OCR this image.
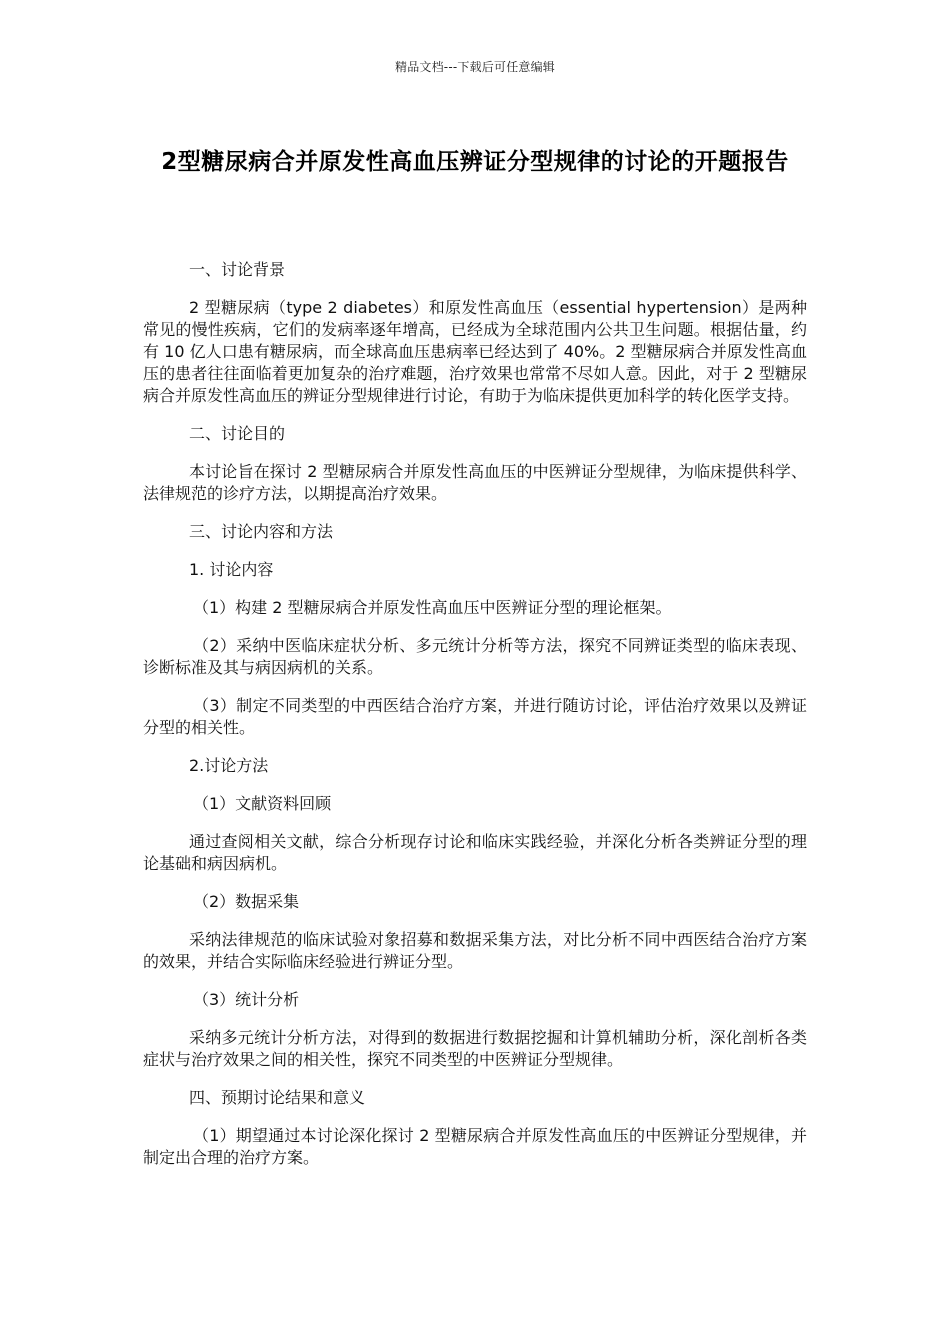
精品文档---下载后可任意编辑
2型糖尿病合并原发性高血压辨证分型规律的讨论的开题报告

一、讨论背景

2 型糖尿病（type 2 diabetes）和原发性高血压（essential hypertension）是两种常见的慢性疾病，它们的发病率逐年增高，已经成为全球范围内公共卫生问题。根据估量，约有 10 亿人口患有糖尿病，而全球高血压患病率已经达到了 40%。2 型糖尿病合并原发性高血压的患者往往面临着更加复杂的治疗难题，治疗效果也常常不尽如人意。因此，对于 2 型糖尿病合并原发性高血压的辨证分型规律进行讨论，有助于为临床提供更加科学的转化医学支持。

二、讨论目的

本讨论旨在探讨 2 型糖尿病合并原发性高血压的中医辨证分型规律，为临床提供科学、法律规范的诊疗方法，以期提高治疗效果。

三、讨论内容和方法

1. 讨论内容

（1）构建 2 型糖尿病合并原发性高血压中医辨证分型的理论框架。

（2）采纳中医临床症状分析、多元统计分析等方法，探究不同辨证类型的临床表现、诊断标准及其与病因病机的关系。

（3）制定不同类型的中西医结合治疗方案，并进行随访讨论，评估治疗效果以及辨证分型的相关性。

2.讨论方法

（1）文献资料回顾

通过查阅相关文献，综合分析现存讨论和临床实践经验，并深化分析各类辨证分型的理论基础和病因病机。

（2）数据采集

采纳法律规范的临床试验对象招募和数据采集方法，对比分析不同中西医结合治疗方案的效果，并结合实际临床经验进行辨证分型。

（3）统计分析

采纳多元统计分析方法，对得到的数据进行数据挖掘和计算机辅助分析，深化剖析各类症状与治疗效果之间的相关性，探究不同类型的中医辨证分型规律。

四、预期讨论结果和意义

（1）期望通过本讨论深化探讨 2 型糖尿病合并原发性高血压的中医辨证分型规律，并制定出合理的治疗方案。
